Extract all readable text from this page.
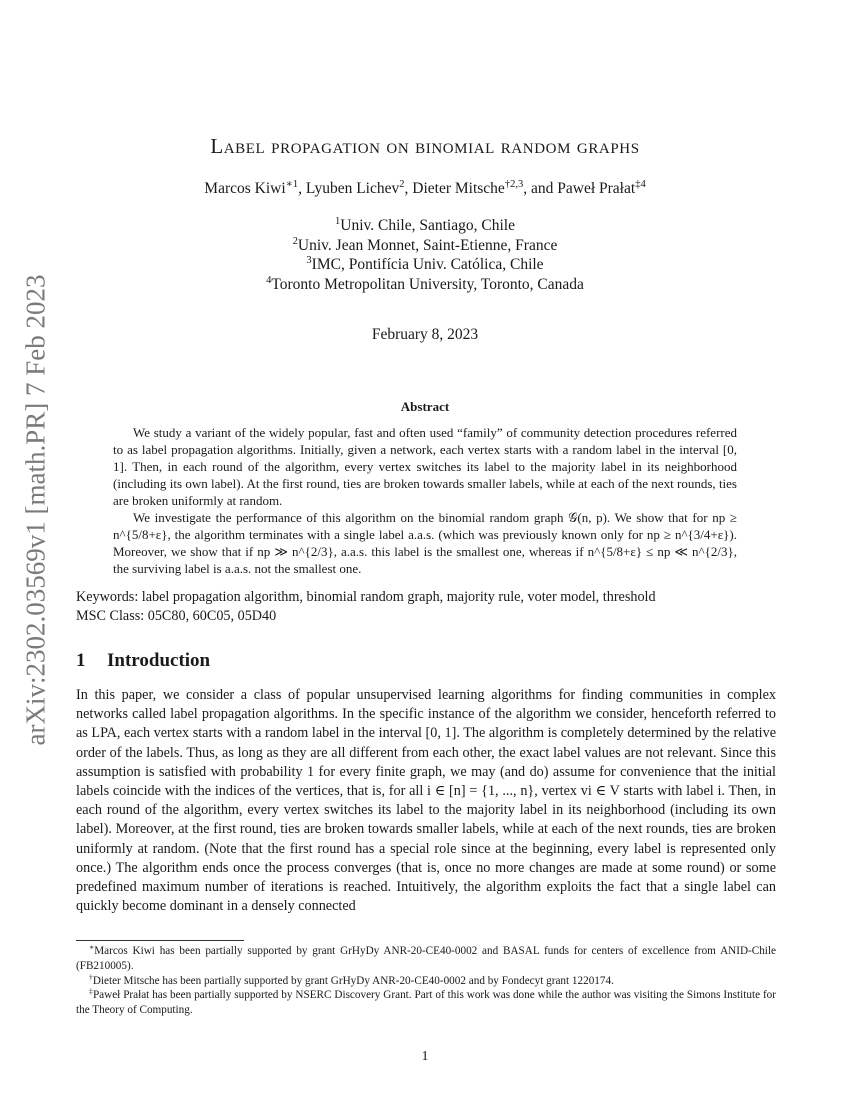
arXiv:2302.03569v1 [math.PR] 7 Feb 2023
Label propagation on binomial random graphs
Marcos Kiwi$^{∗1}$, Lyuben Lichev$^2$, Dieter Mitsche$^{\dagger 2,3}$, and Paweł Prałat$^{\ddagger 4}$
$^1$Univ. Chile, Santiago, Chile
$^2$Univ. Jean Monnet, Saint-Etienne, France
$^3$IMC, Pontifícia Univ. Católica, Chile
$^4$Toronto Metropolitan University, Toronto, Canada
February 8, 2023
Abstract

We study a variant of the widely popular, fast and often used “family” of community detection procedures referred to as label propagation algorithms. Initially, given a network, each vertex starts with a random label in the interval [0, 1]. Then, in each round of the algorithm, every vertex switches its label to the majority label in its neighborhood (including its own label). At the first round, ties are broken towards smaller labels, while at each of the next rounds, ties are broken uniformly at random.

We investigate the performance of this algorithm on the binomial random graph 𝒢(n, p). We show that for np ≥ n^{5/8+ε}, the algorithm terminates with a single label a.a.s. (which was previously known only for np ≥ n^{3/4+ε}). Moreover, we show that if np ≫ n^{2/3}, a.a.s. this label is the smallest one, whereas if n^{5/8+ε} ≤ np ≪ n^{2/3}, the surviving label is a.a.s. not the smallest one.

Keywords: label propagation algorithm, binomial random graph, majority rule, voter model, threshold
MSC Class: 05C80, 60C05, 05D40
1 Introduction

In this paper, we consider a class of popular unsupervised learning algorithms for finding communities in complex networks called label propagation algorithms. In the specific instance of the algorithm we consider, henceforth referred to as LPA, each vertex starts with a random label in the interval [0, 1]. The algorithm is completely determined by the relative order of the labels. Thus, as long as they are all different from each other, the exact label values are not relevant. Since this assumption is satisfied with probability 1 for every finite graph, we may (and do) assume for convenience that the initial labels coincide with the indices of the vertices, that is, for all i ∈ [n] = {1, ..., n}, vertex vi ∈ V starts with label i. Then, in each round of the algorithm, every vertex switches its label to the majority label in its neighborhood (including its own label). Moreover, at the first round, ties are broken towards smaller labels, while at each of the next rounds, ties are broken uniformly at random. (Note that the first round has a special role since at the beginning, every label is represented only once.) The algorithm ends once the process converges (that is, once no more changes are made at some round) or some predefined maximum number of iterations is reached. Intuitively, the algorithm exploits the fact that a single label can quickly become dominant in a densely connected

∗Marcos Kiwi has been partially supported by grant GrHyDy ANR-20-CE40-0002 and BASAL funds for centers of excellence from ANID-Chile (FB210005).

†Dieter Mitsche has been partially supported by grant GrHyDy ANR-20-CE40-0002 and by Fondecyt grant 1220174.

‡Paweł Prałat has been partially supported by NSERC Discovery Grant. Part of this work was done while the author was visiting the Simons Institute for the Theory of Computing.

1
